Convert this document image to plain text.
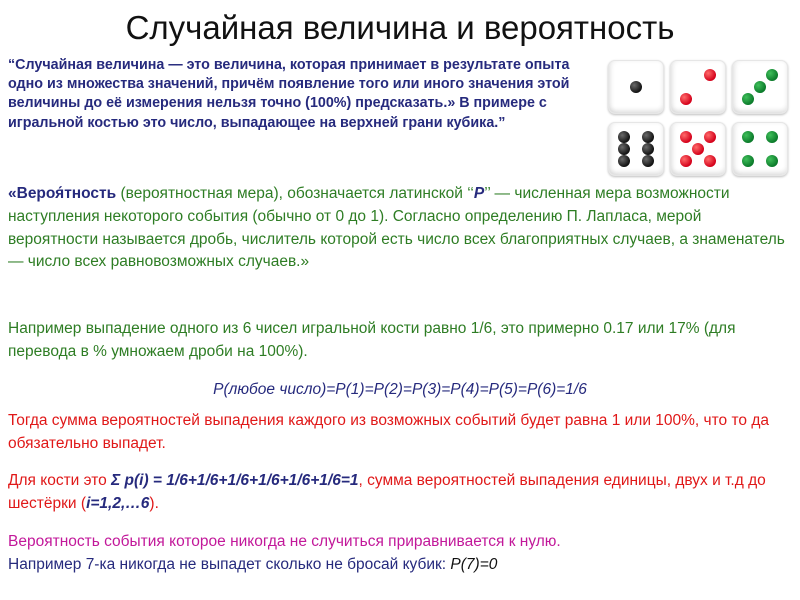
Случайная величина и вероятность
“Случайная величина — это величина, которая принимает в результате опыта одно из множества значений, причём появление того или иного значения этой величины до её измерения нельзя точно (100%) предсказать.» В примере с игральной костью это число, выпадающее на верхней грани кубика.”
«Вероя́тность (вероятностная мера), обозначается латинской ‘‘P’’ — численная мера возможности наступления некоторого события (обычно от 0 до 1). Согласно определению П. Лапласа, мерой вероятности называется дробь, числитель которой есть число всех благоприятных случаев, а знаменатель — число всех равновозможных случаев.»
Например выпадение одного из 6 чисел игральной кости равно 1/6, это примерно 0.17 или 17% (для перевода в % умножаем дроби на 100%).
P(любое число)=P(1)=P(2)=P(3)=P(4)=P(5)=P(6)=1/6
Тогда сумма вероятностей выпадения каждого из возможных событий будет равна 1 или 100%, что то да обязательно выпадет.
Для кости это Σ p(i) = 1/6+1/6+1/6+1/6+1/6+1/6=1, сумма вероятностей выпадения единицы, двух и т.д до шестёрки (i=1,2,…6).
Вероятность события которое никогда не случиться приравнивается к нулю.
Например 7-ка никогда не выпадет сколько не бросай кубик: P(7)=0
